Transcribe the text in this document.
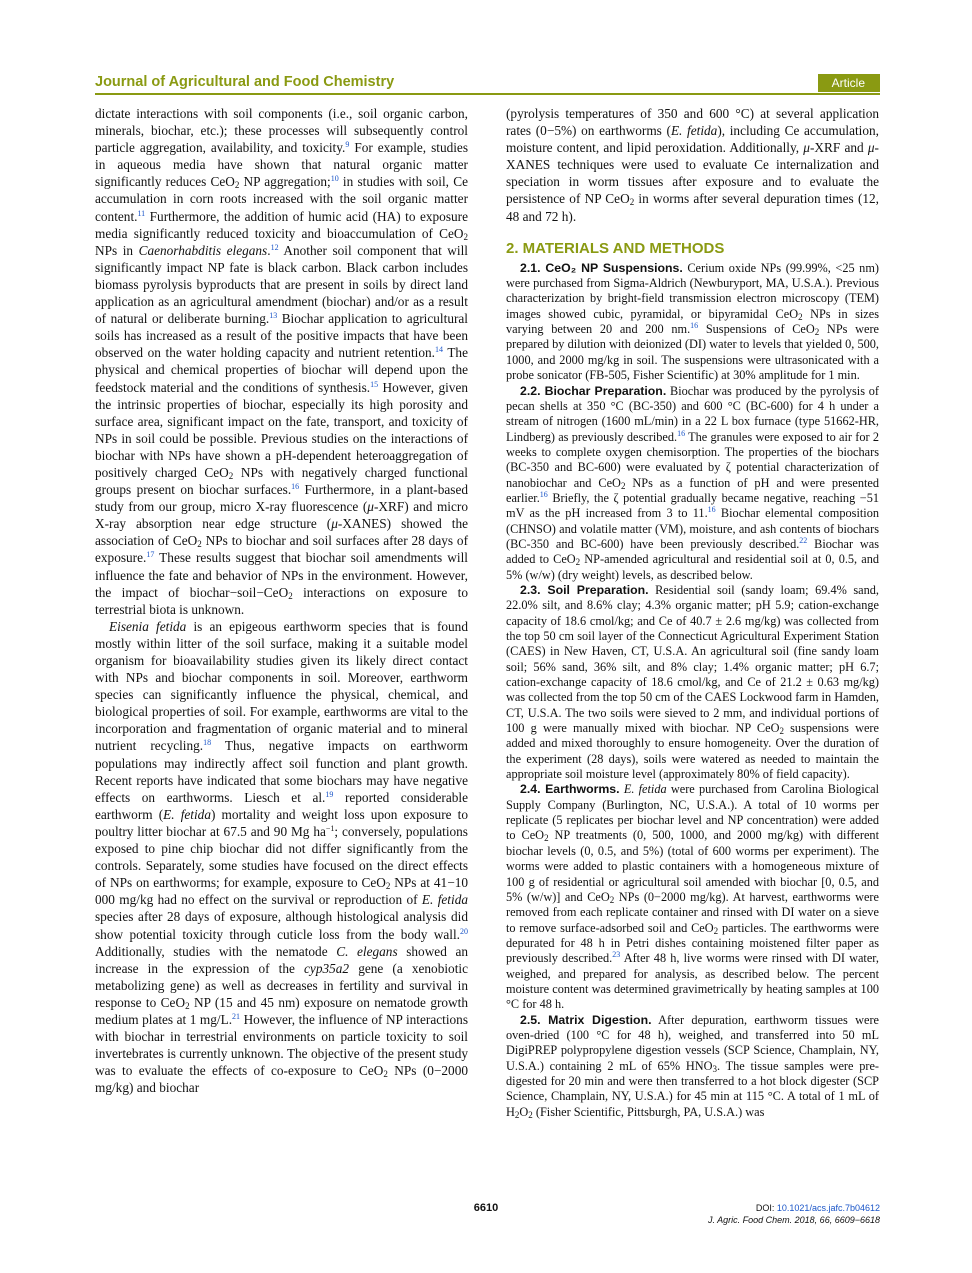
Journal of Agricultural and Food Chemistry	Article

dictate interactions with soil components (i.e., soil organic carbon, minerals, biochar, etc.); these processes will subsequently control particle aggregation, availability, and toxicity.$^9$ For example, studies in aqueous media have shown that natural organic matter significantly reduces CeO$_2$ NP aggregation;$^{10}$ in studies with soil, Ce accumulation in corn roots increased with the soil organic matter content.$^{11}$ Furthermore, the addition of humic acid (HA) to exposure media significantly reduced toxicity and bioaccumulation of CeO$_2$ NPs in Caenorhabditis elegans.$^{12}$ Another soil component that will significantly impact NP fate is black carbon. Black carbon includes biomass pyrolysis byproducts that are present in soils by direct land application as an agricultural amendment (biochar) and/or as a result of natural or deliberate burning.$^{13}$ Biochar application to agricultural soils has increased as a result of the positive impacts that have been observed on the water holding capacity and nutrient retention.$^{14}$ The physical and chemical properties of biochar will depend upon the feedstock material and the conditions of synthesis.$^{15}$ However, given the intrinsic properties of biochar, especially its high porosity and surface area, significant impact on the fate, transport, and toxicity of NPs in soil could be possible. Previous studies on the interactions of biochar with NPs have shown a pH-dependent heteroaggregation of positively charged CeO$_2$ NPs with negatively charged functional groups present on biochar surfaces.$^{16}$ Furthermore, in a plant-based study from our group, micro X-ray fluorescence (μ-XRF) and micro X-ray absorption near edge structure (μ-XANES) showed the association of CeO$_2$ NPs to biochar and soil surfaces after 28 days of exposure.$^{17}$ These results suggest that biochar soil amendments will influence the fate and behavior of NPs in the environment. However, the impact of biochar−soil−CeO$_2$ interactions on exposure to terrestrial biota is unknown.

Eisenia fetida is an epigeous earthworm species that is found mostly within litter of the soil surface, making it a suitable model organism for bioavailability studies given its likely direct contact with NPs and biochar components in soil. Moreover, earthworm species can significantly influence the physical, chemical, and biological properties of soil. For example, earthworms are vital to the incorporation and fragmentation of organic material and to mineral nutrient recycling.$^{18}$ Thus, negative impacts on earthworm populations may indirectly affect soil function and plant growth. Recent reports have indicated that some biochars may have negative effects on earthworms. Liesch et al.$^{19}$ reported considerable earthworm (E. fetida) mortality and weight loss upon exposure to poultry litter biochar at 67.5 and 90 Mg $ha^{-1}$; conversely, populations exposed to pine chip biochar did not differ significantly from the controls. Separately, some studies have focused on the direct effects of NPs on earthworms; for example, exposure to CeO$_2$ NPs at 41−10 000 mg/kg had no effect on the survival or reproduction of E. fetida species after 28 days of exposure, although histological analysis did show potential toxicity through cuticle loss from the body wall.$^{20}$ Additionally, studies with the nematode C. elegans showed an increase in the expression of the cyp35a2 gene (a xenobiotic metabolizing gene) as well as decreases in fertility and survival in response to CeO$_2$ NP (15 and 45 nm) exposure on nematode growth medium plates at 1 mg/L.$^{21}$ However, the influence of NP interactions with biochar in terrestrial environments on particle toxicity to soil invertebrates is currently unknown. The objective of the present study was to evaluate the effects of co-exposure to CeO$_2$ NPs (0−2000 mg/kg) and biochar

(pyrolysis temperatures of 350 and 600 °C) at several application rates (0−5%) on earthworms (E. fetida), including Ce accumulation, moisture content, and lipid peroxidation. Additionally, μ-XRF and μ-XANES techniques were used to evaluate Ce internalization and speciation in worm tissues after exposure and to evaluate the persistence of NP CeO$_2$ in worms after several depuration times (12, 48 and 72 h).

2. MATERIALS AND METHODS

2.1. CeO₂ NP Suspensions. Cerium oxide NPs (99.99%, <25 nm) were purchased from Sigma-Aldrich (Newburyport, MA, U.S.A.). Previous characterization by bright-field transmission electron microscopy (TEM) images showed cubic, pyramidal, or bipyramidal CeO$_2$ NPs in sizes varying between 20 and 200 nm.$^{16}$ Suspensions of CeO$_2$ NPs were prepared by dilution with deionized (DI) water to levels that yielded 0, 500, 1000, and 2000 mg/kg in soil. The suspensions were ultrasonicated with a probe sonicator (FB-505, Fisher Scientific) at 30% amplitude for 1 min.

2.2. Biochar Preparation. Biochar was produced by the pyrolysis of pecan shells at 350 °C (BC-350) and 600 °C (BC-600) for 4 h under a stream of nitrogen (1600 mL/min) in a 22 L box furnace (type 51662-HR, Lindberg) as previously described.$^{16}$ The granules were exposed to air for 2 weeks to complete oxygen chemisorption. The properties of the biochars (BC-350 and BC-600) were evaluated by ζ potential characterization of nanobiochar and CeO$_2$ NPs as a function of pH and were presented earlier.$^{16}$ Briefly, the ζ potential gradually became negative, reaching −51 mV as the pH increased from 3 to 11.16 Biochar elemental composition (CHNSO) and volatile matter (VM), moisture, and ash contents of biochars (BC-350 and BC-600) have been previously described.$^{22}$ Biochar was added to CeO$_2$ NP-amended agricultural and residential soil at 0, 0.5, and 5% (w/w) (dry weight) levels, as described below.

2.3. Soil Preparation. Residential soil (sandy loam; 69.4% sand, 22.0% silt, and 8.6% clay; 4.3% organic matter; pH 5.9; cation-exchange capacity of 18.6 cmol/kg; and Ce of 40.7 ± 2.6 mg/kg) was collected from the top 50 cm soil layer of the Connecticut Agricultural Experiment Station (CAES) in New Haven, CT, U.S.A. An agricultural soil (fine sandy loam soil; 56% sand, 36% silt, and 8% clay; 1.4% organic matter; pH 6.7; cation-exchange capacity of 18.6 cmol/kg, and Ce of 21.2 ± 0.63 mg/kg) was collected from the top 50 cm of the CAES Lockwood farm in Hamden, CT, U.S.A. The two soils were sieved to 2 mm, and individual portions of 100 g were manually mixed with biochar. NP CeO$_2$ suspensions were added and mixed thoroughly to ensure homogeneity. Over the duration of the experiment (28 days), soils were watered as needed to maintain the appropriate soil moisture level (approximately 80% of field capacity).

2.4. Earthworms. E. fetida were purchased from Carolina Biological Supply Company (Burlington, NC, U.S.A.). A total of 10 worms per replicate (5 replicates per biochar level and NP concentration) were added to CeO$_2$ NP treatments (0, 500, 1000, and 2000 mg/kg) with different biochar levels (0, 0.5, and 5%) (total of 600 worms per experiment). The worms were added to plastic containers with a homogeneous mixture of 100 g of residential or agricultural soil amended with biochar [0, 0.5, and 5% (w/w)] and CeO$_2$ NPs (0−2000 mg/kg). At harvest, earthworms were removed from each replicate container and rinsed with DI water on a sieve to remove surface-adsorbed soil and CeO$_2$ particles. The earthworms were depurated for 48 h in Petri dishes containing moistened filter paper as previously described.$^{23}$ After 48 h, live worms were rinsed with DI water, weighed, and prepared for analysis, as described below. The percent moisture content was determined gravimetrically by heating samples at 100 °C for 48 h.

2.5. Matrix Digestion. After depuration, earthworm tissues were oven-dried (100 °C for 48 h), weighed, and transferred into 50 mL DigiPREP polypropylene digestion vessels (SCP Science, Champlain, NY, U.S.A.) containing 2 mL of 65% $HNO_3$. The tissue samples were pre-digested for 20 min and were then transferred to a hot block digester (SCP Science, Champlain, NY, U.S.A.) for 45 min at 115 °C. A total of 1 mL of $H_2O_2$ (Fisher Scientific, Pittsburgh, PA, U.S.A.) was

6610	DOI: 10.1021/acs.jafc.7b04612
J. Agric. Food Chem. 2018, 66, 6609−6618
